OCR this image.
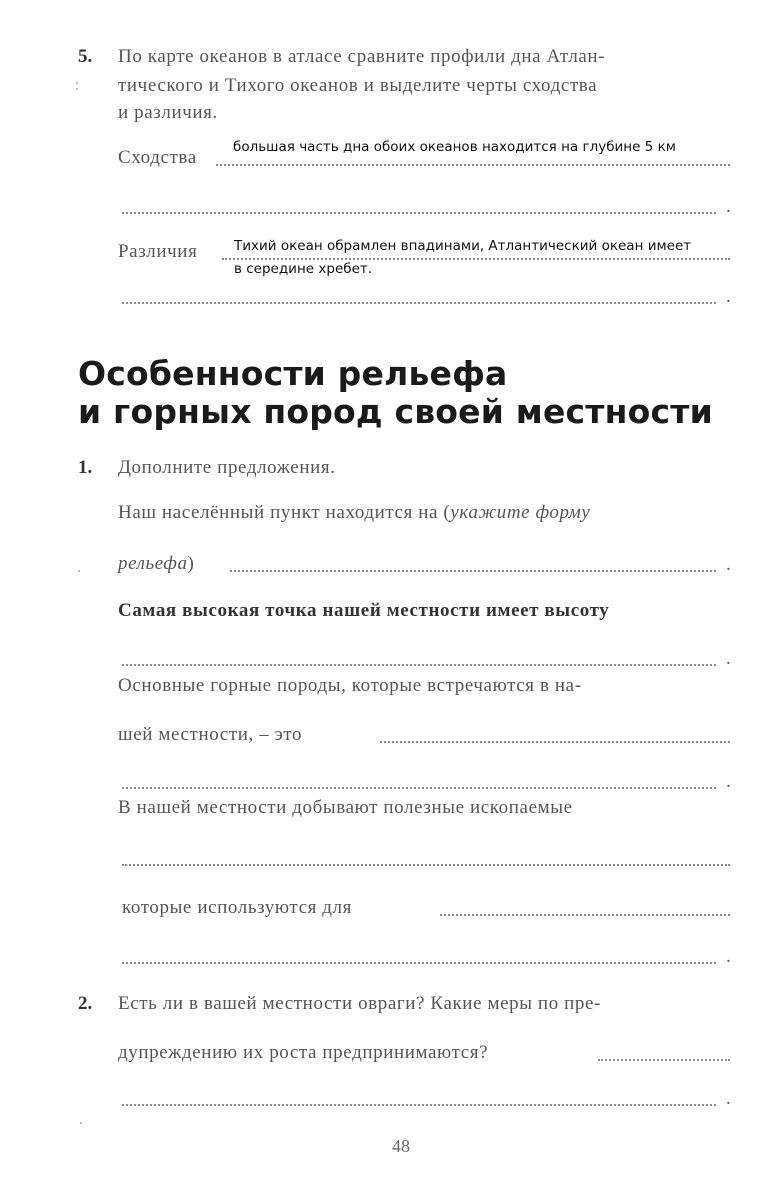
5. По карте океанов в атласе сравните профили дна Атлан-
тического и Тихого океанов и выделите черты сходства
и различия.
большая часть дна обоих океанов находится на глубине 5 км
Сходства
.
Различия	Тихий океан обрамлен впадинами, Атлантический океан имеет
в середине хребет.
.
Особенности рельефа
и горных пород своей местности
1. Дополните предложения.
Наш населённый пункт находится на (укажите форму
рельефа)	.
Самая высокая точка нашей местности имеет высоту
.
Основные горные породы, которые встречаются в на-
шей местности, – это
.
В нашей местности добывают полезные ископаемые
которые используются для
.
2. Есть ли в вашей местности овраги? Какие меры по пре-
дупреждению их роста предпринимаются?
.
48
